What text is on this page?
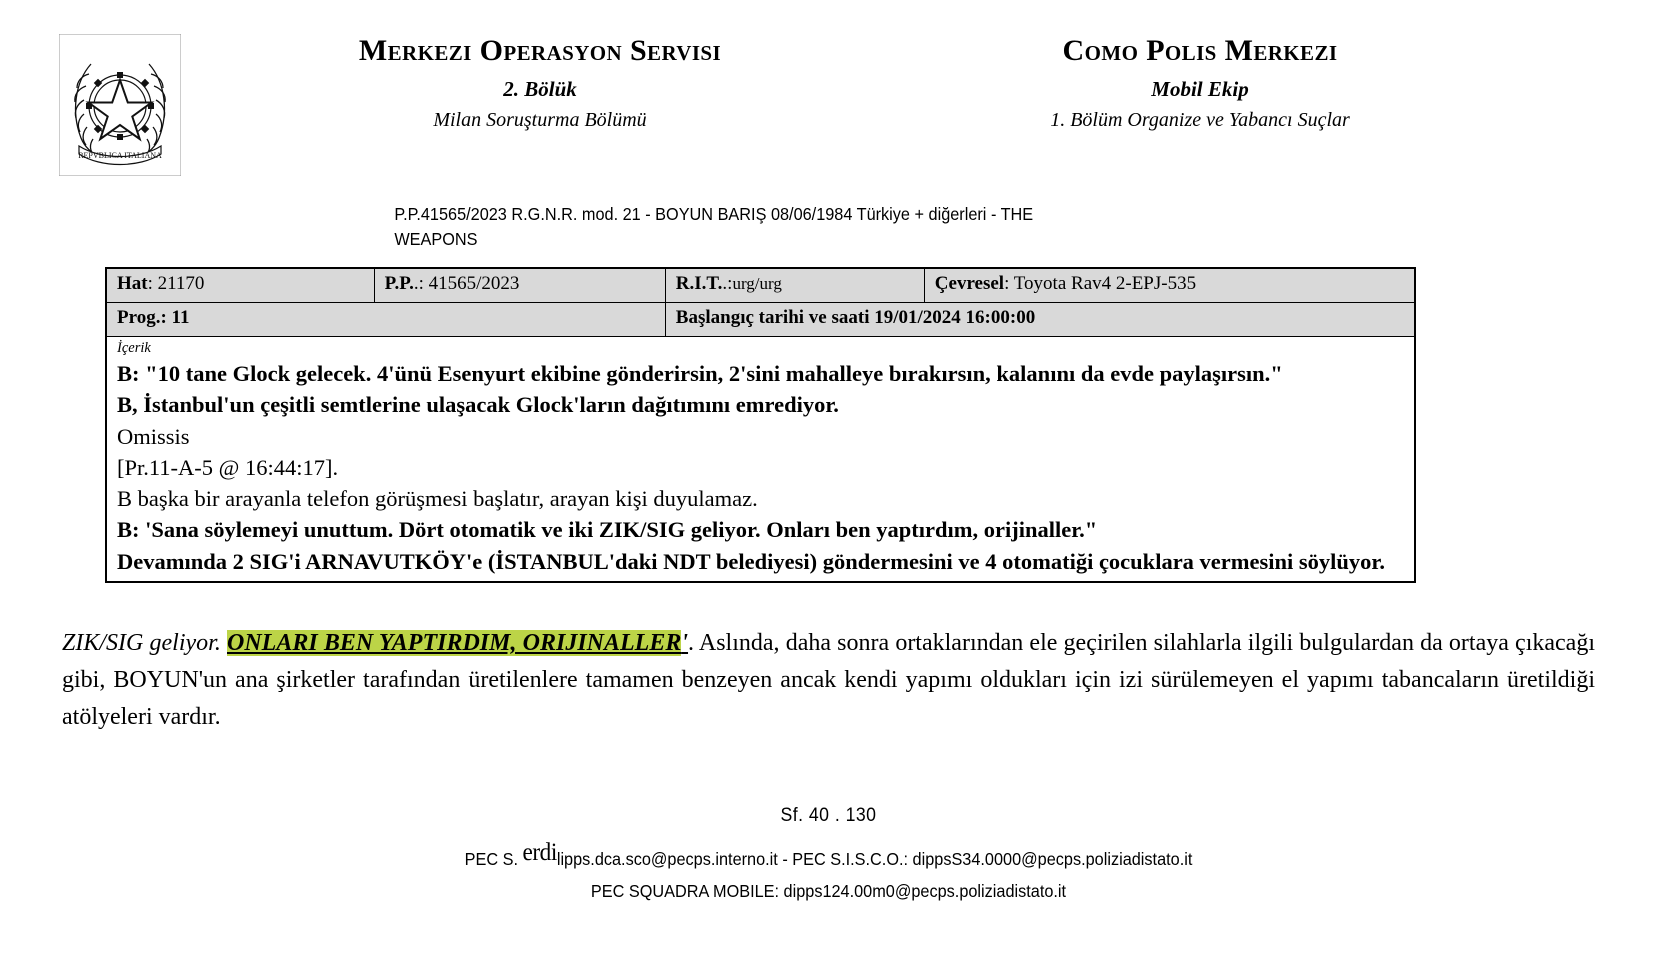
REPVBLICA ITALIANA
Merkezi Operasyon Servisi
2. Bölük
Milan Soruşturma Bölümü
Como Polis Merkezi
Mobil Ekip
1. Bölüm Organize ve Yabancı Suçlar
P.P.41565/2023 R.G.N.R. mod. 21 - BOYUN BARIŞ 08/06/1984 Türkiye + diğerleri - THE WEAPONS
Hat: 21170	P.P..: 41565/2023	R.I.T..:urg/urg	Çevresel: Toyota Rav4 2-EPJ-535
Prog.: 11		Başlangıç tarihi ve saati 19/01/2024 16:00:00	

İçerik
B: "10 tane Glock gelecek. 4'ünü Esenyurt ekibine gönderirsin, 2'sini mahalleye bırakırsın, kalanını da evde paylaşırsın."
B, İstanbul'un çeşitli semtlerine ulaşacak Glock'ların dağıtımını emrediyor.
Omissis
[Pr.11-A-5 @ 16:44:17].
B başka bir arayanla telefon görüşmesi başlatır, arayan kişi duyulamaz.
B: 'Sana söylemeyi unuttum. Dört otomatik ve iki ZIK/SIG geliyor. Onları ben yaptırdım, orijinaller."
Devamında 2 SIG'i ARNAVUTKÖY'e (İSTANBUL'daki NDT belediyesi) göndermesini ve 4 otomatiği çocuklara vermesini söylüyor.
ZIK/SIG geliyor. ONLARI BEN YAPTIRDIM, ORIJINALLER'. Aslında, daha sonra ortaklarından ele geçirilen silahlarla ilgili bulgulardan da ortaya çıkacağı gibi, BOYUN'un ana şirketler tarafından üretilenlere tamamen benzeyen ancak kendi yapımı oldukları için izi sürülemeyen el yapımı tabancaların üretildiği atölyeleri vardır.
Sf. 40 . 130
PEC S. erdilipps.dca.sco@pecps.interno.it - PEC S.I.S.C.O.: dippsS34.0000@pecps.poliziadistato.it
PEC SQUADRA MOBILE: dipps124.00m0@pecps.poliziadistato.it
